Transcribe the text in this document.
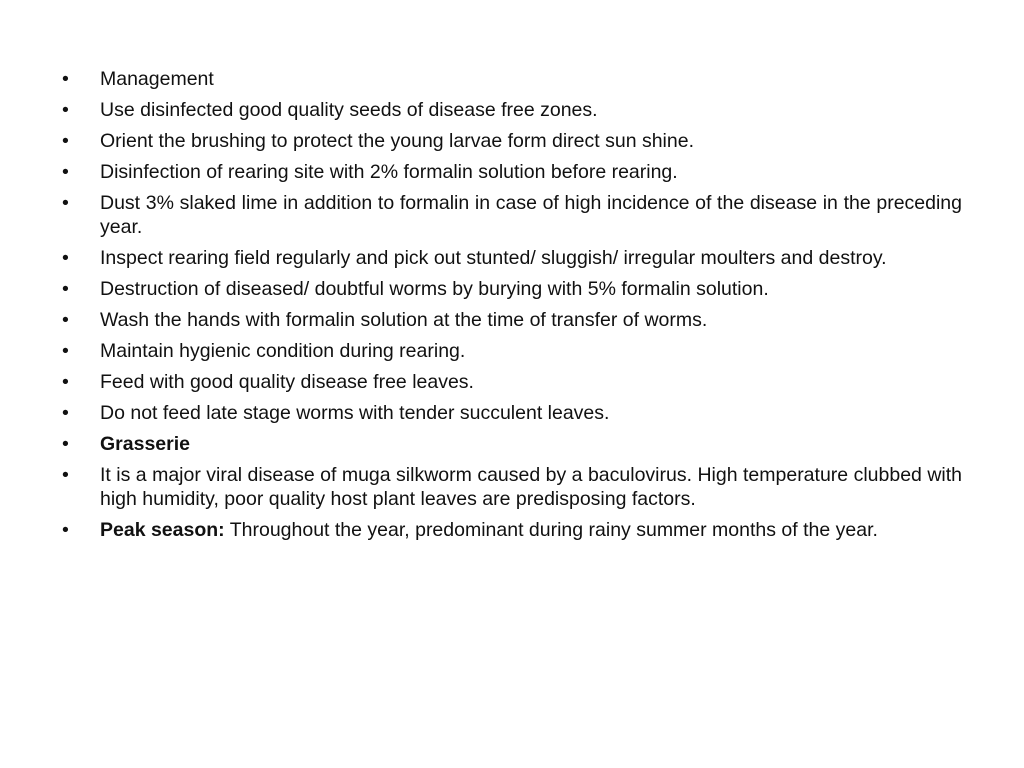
•	Management
•	Use disinfected good quality seeds of disease free zones.
•	Orient the brushing to protect the young larvae form direct sun shine.
•	Disinfection of rearing site with 2% formalin solution before rearing.
•	Dust 3% slaked lime in addition to formalin in case of high incidence of the disease in the preceding year.
•	Inspect rearing field regularly and pick out stunted/ sluggish/ irregular moulters and destroy.
•	Destruction of diseased/ doubtful worms by burying with 5% formalin solution.
•	Wash the hands with formalin solution at the time of transfer of worms.
•	Maintain hygienic condition during rearing.
•	Feed with good quality disease free leaves.
•	Do not feed late stage worms with tender succulent leaves.
•	Grasserie
•	It is a major viral disease of muga silkworm caused by a baculovirus. High temperature clubbed with high humidity, poor quality host plant leaves are predisposing factors.
•	Peak season: Throughout the year, predominant during rainy summer months of the year.
